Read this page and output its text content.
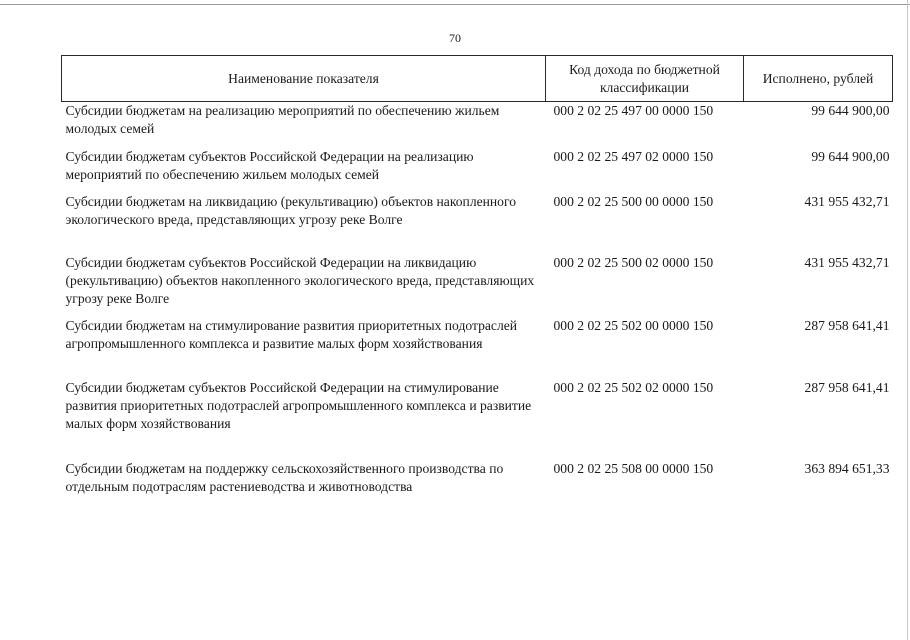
70
Наименование показателя	Код дохода по бюджетной классификации	Исполнено, рублей
Субсидии бюджетам на реализацию мероприятий по обеспечению жильем молодых семей	000 2 02 25 497 00 0000 150	99 644 900,00
Субсидии бюджетам субъектов Российской Федерации на реализацию мероприятий по обеспечению жильем молодых семей	000 2 02 25 497 02 0000 150	99 644 900,00
Субсидии бюджетам на ликвидацию (рекультивацию) объектов накопленного экологического вреда, представляющих угрозу реке Волге	000 2 02 25 500 00 0000 150	431 955 432,71
Субсидии бюджетам субъектов Российской Федерации на ликвидацию (рекультивацию) объектов накопленного экологического вреда, представляющих угрозу реке Волге	000 2 02 25 500 02 0000 150	431 955 432,71
Субсидии бюджетам на стимулирование развития приоритетных подотраслей агропромышленного комплекса и развитие малых форм хозяйствования	000 2 02 25 502 00 0000 150	287 958 641,41
Субсидии бюджетам субъектов Российской Федерации на стимулирование развития приоритетных подотраслей агропромышленного комплекса и развитие малых форм хозяйствования	000 2 02 25 502 02 0000 150	287 958 641,41
Субсидии бюджетам на поддержку сельскохозяйственного производства по отдельным подотраслям растениеводства и животноводства	000 2 02 25 508 00 0000 150	363 894 651,33
